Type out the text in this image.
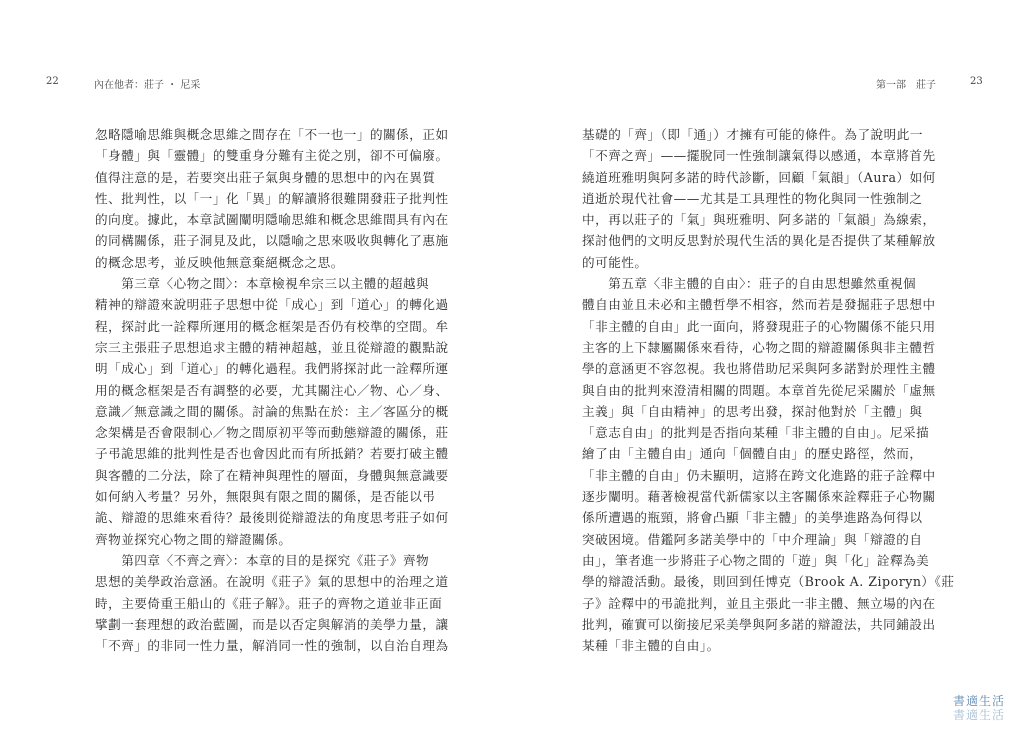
22	內在他者：莊子 ・ 尼采
忽略隱喻思維與概念思維之間存在「不一也一」的關係，正如
「身體」與「靈體」的雙重身分難有主從之別，卻不可偏廢。
值得注意的是，若要突出莊子氣與身體的思想中的內在異質
性、批判性，以「一」化「異」的解讀將很難開發莊子批判性
的向度。據此，本章試圖闡明隱喻思維和概念思維間具有內在
的同構關係，莊子洞見及此，以隱喻之思來吸收與轉化了惠施
的概念思考，並反映他無意棄絕概念之思。
　　第三章〈心物之間〉：本章檢視牟宗三以主體的超越與
精神的辯證來說明莊子思想中從「成心」到「道心」的轉化過
程，探討此一詮釋所運用的概念框架是否仍有校準的空間。牟
宗三主張莊子思想追求主體的精神超越，並且從辯證的觀點說
明「成心」到「道心」的轉化過程。我們將探討此一詮釋所運
用的概念框架是否有調整的必要，尤其關注心／物、心／身、
意識／無意識之間的關係。討論的焦點在於：主／客區分的概
念架構是否會限制心／物之間原初平等而動態辯證的關係，莊
子弔詭思維的批判性是否也會因此而有所抵銷？若要打破主體
與客體的二分法，除了在精神與理性的層面，身體與無意識要
如何納入考量？另外，無限與有限之間的關係，是否能以弔
詭、辯證的思維來看待？最後則從辯證法的角度思考莊子如何
齊物並探究心物之間的辯證關係。
　　第四章〈不齊之齊〉：本章的目的是探究《莊子》齊物
思想的美學政治意涵。在說明《莊子》氣的思想中的治理之道
時，主要倚重王船山的《莊子解》。莊子的齊物之道並非正面
擘劃一套理想的政治藍圖，而是以否定與解消的美學力量，讓
「不齊」的非同一性力量，解消同一性的強制，以自治自理為
第一部　莊子	23
基礎的「齊」（即「通」）才擁有可能的條件。為了說明此一
「不齊之齊」——擺脫同一性強制讓氣得以感通，本章將首先
繞道班雅明與阿多諾的時代診斷，回顧「氣韻」（Aura）如何
逍逝於現代社會——尤其是工具理性的物化與同一性強制之
中，再以莊子的「氣」與班雅明、阿多諾的「氣韻」為線索，
探討他們的文明反思對於現代生活的異化是否提供了某種解放
的可能性。
　　第五章〈非主體的自由〉：莊子的自由思想雖然重視個
體自由並且未必和主體哲學不相容，然而若是發掘莊子思想中
「非主體的自由」此一面向，將發現莊子的心物關係不能只用
主客的上下隸屬關係來看待，心物之間的辯證關係與非主體哲
學的意涵更不容忽視。我也將借助尼采與阿多諾對於理性主體
與自由的批判來澄清相關的問題。本章首先從尼采關於「虛無
主義」與「自由精神」的思考出發，探討他對於「主體」與
「意志自由」的批判是否指向某種「非主體的自由」。尼采描
繪了由「主體自由」通向「個體自由」的歷史路徑，然而，
「非主體的自由」仍未顯明，這將在跨文化進路的莊子詮釋中
逐步闡明。藉著檢視當代新儒家以主客關係來詮釋莊子心物關
係所遭遇的瓶頸，將會凸顯「非主體」的美學進路為何得以
突破困境。借鑑阿多諾美學中的「中介理論」與「辯證的自
由」，筆者進一步將莊子心物之間的「遊」與「化」詮釋為美
學的辯證活動。最後，則回到任博克（Brook A. Ziporyn）《莊
子》詮釋中的弔詭批判，並且主張此一非主體、無立場的內在
批判，確實可以銜接尼采美學與阿多諾的辯證法，共同鋪設出
某種「非主體的自由」。
書適生活
書適生活
